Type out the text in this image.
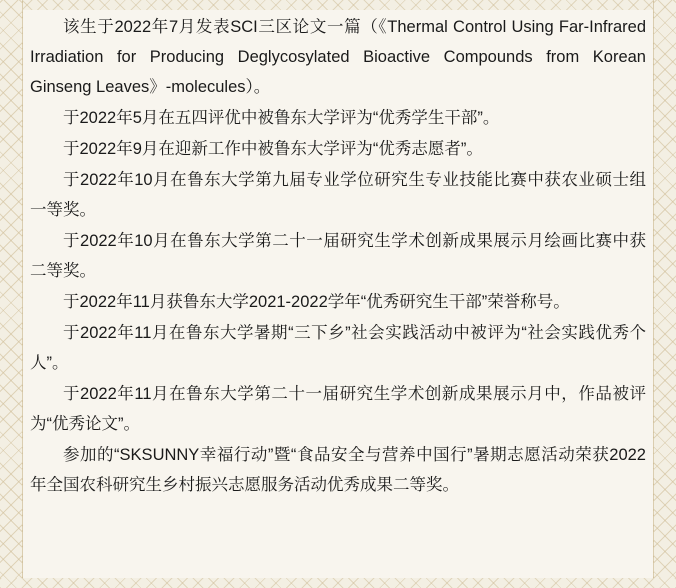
该生于2022年7月发表SCI三区论文一篇（《Thermal Control Using Far-Infrared Irradiation for Producing Deglycosylated Bioactive Compounds from Korean Ginseng Leaves》-molecules）。

于2022年5月在五四评优中被鲁东大学评为“优秀学生干部”。

于2022年9月在迎新工作中被鲁东大学评为“优秀志愿者”。

于2022年10月在鲁东大学第九届专业学位研究生专业技能比赛中获农业硕士组一等奖。

于2022年10月在鲁东大学第二十一届研究生学术创新成果展示月绘画比赛中获二等奖。

于2022年11月获鲁东大学2021-2022学年“优秀研究生干部”荣誉称号。

于2022年11月在鲁东大学暑期“三下乡”社会实践活动中被评为“社会实践优秀个人”。

于2022年11月在鲁东大学第二十一届研究生学术创新成果展示月中，作品被评为“优秀论文”。

参加的“SKSUNNY幸福行动”暨“食品安全与营养中国行”暑期志愿活动荣获2022年全国农科研究生乡村振兴志愿服务活动优秀成果二等奖。
